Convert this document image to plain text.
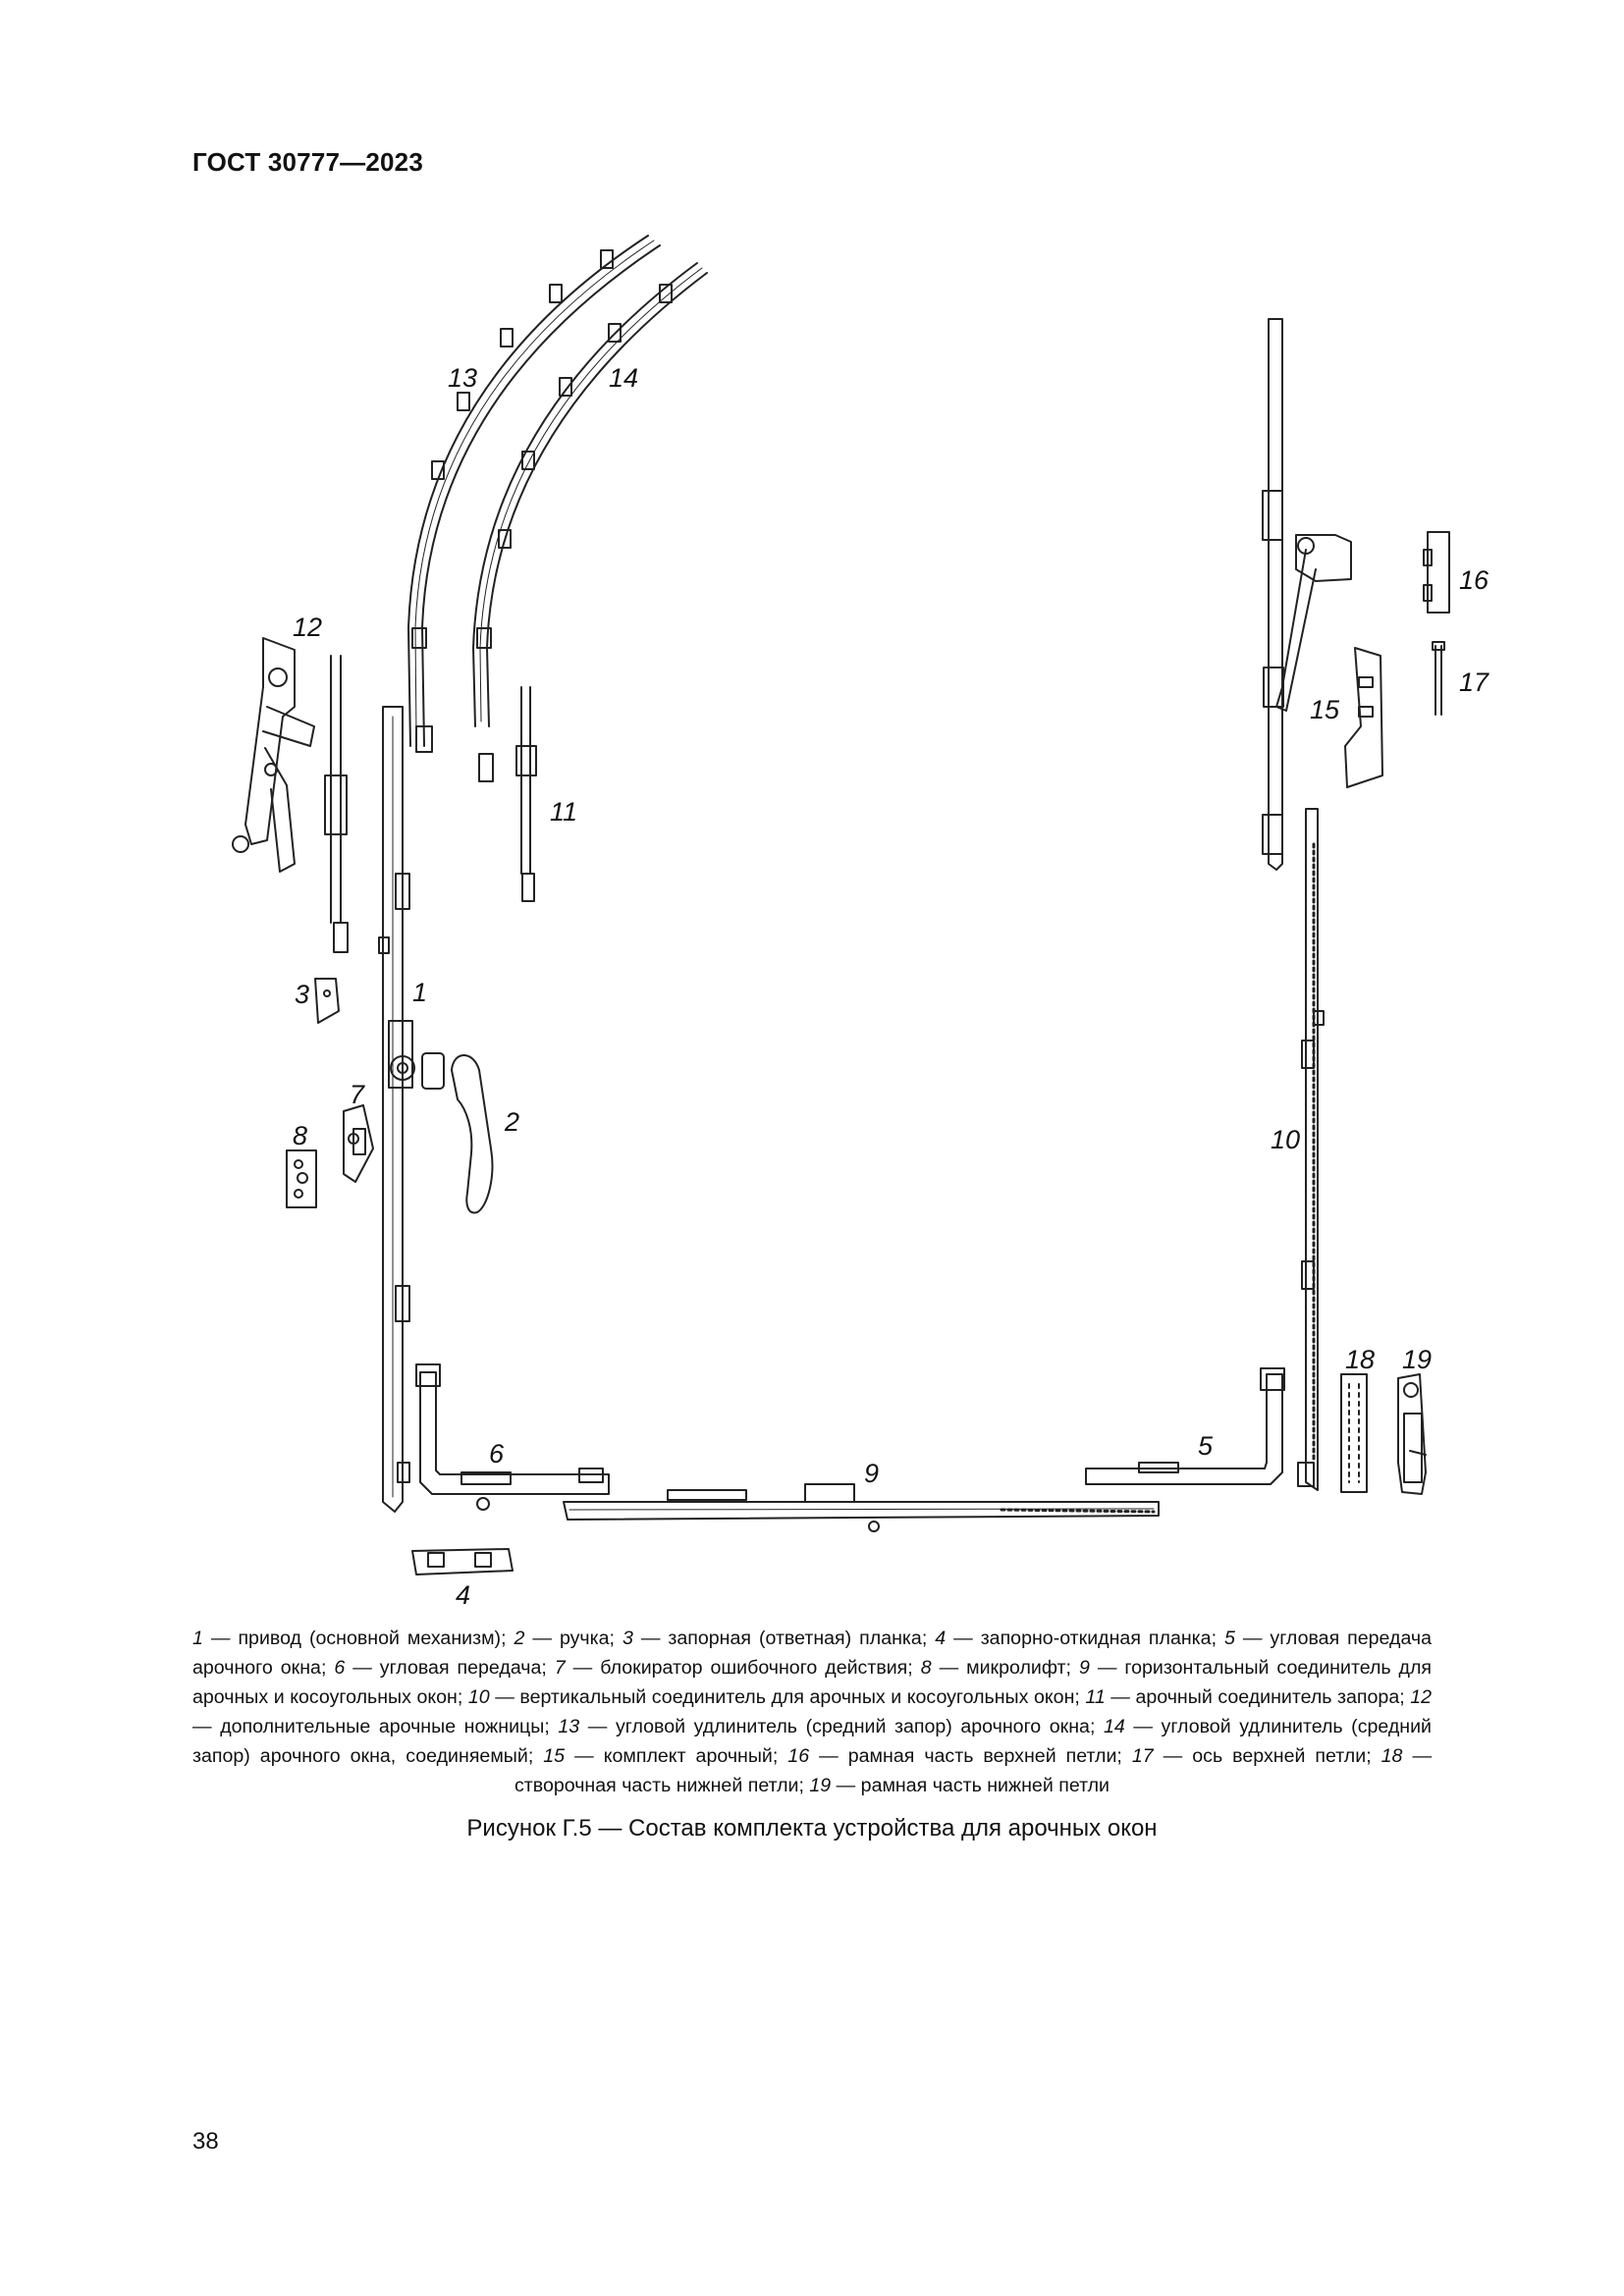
ГОСТ 30777—2023
1
2
3
4
5
6
7
8
9
10
11
12
13	14
15
16
17
18 19
1 — привод (основной механизм); 2 — ручка; 3 — запорная (ответная) планка; 4 — запорно-откидная планка; 5 — угловая передача арочного окна; 6 — угловая передача; 7 — блокиратор ошибочного действия; 8 — микролифт; 9 — горизонтальный соединитель для арочных и косоугольных окон; 10 — вертикальный соединитель для арочных и косоугольных окон; 11 — арочный соединитель запора; 12 — дополнительные арочные ножницы; 13 — угловой удлинитель (средний запор) арочного окна; 14 — угловой удлинитель (средний запор) арочного окна, соединяемый; 15 — комплект арочный; 16 — рамная часть верхней петли; 17 — ось верхней петли; 18 — створочная часть нижней петли; 19 — рамная часть нижней петли
Рисунок Г.5 — Состав комплекта устройства для арочных окон
38
